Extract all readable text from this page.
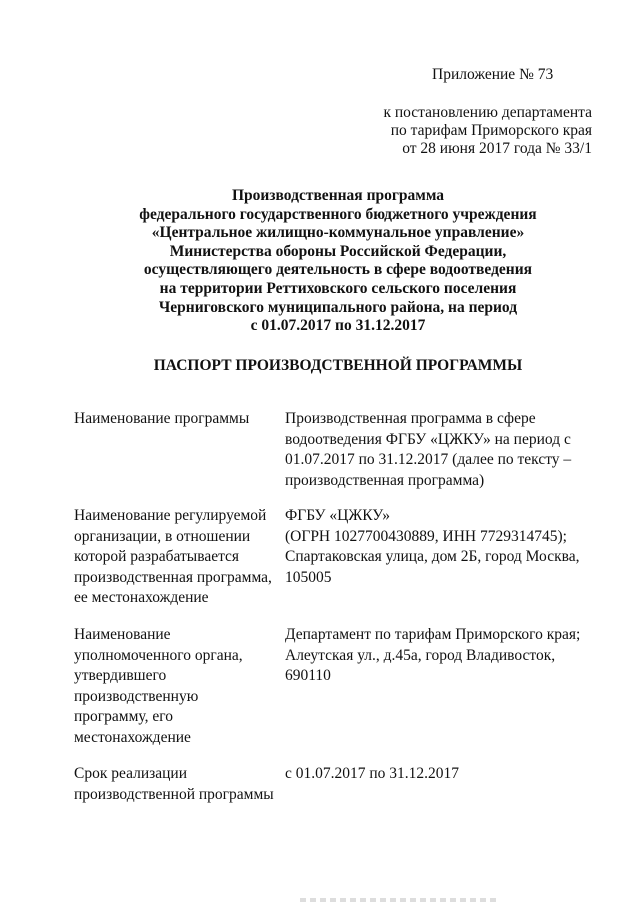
Приложение № 73
к постановлению департамента
по тарифам Приморского края
от 28 июня 2017 года № 33/1
Производственная программа
федерального государственного бюджетного учреждения
«Центральное жилищно-коммунальное управление»
Министерства обороны Российской Федерации,
осуществляющего деятельность в сфере водоотведения
на территории Реттиховского сельского поселения
Черниговского муниципального района, на период
с 01.07.2017 по 31.12.2017
ПАСПОРТ ПРОИЗВОДСТВЕННОЙ ПРОГРАММЫ
Наименование программы	Производственная программа в сфере
водоотведения ФГБУ «ЦЖКУ» на период с
01.07.2017 по 31.12.2017 (далее по тексту –
производственная программа)
Наименование регулируемой
организации, в отношении
которой разрабатывается
производственная программа,
ее местонахождение
ФГБУ «ЦЖКУ»
(ОГРН 1027700430889, ИНН 7729314745);
Спартаковская улица, дом 2Б, город Москва,
105005
Наименование
уполномоченного органа,
утвердившего
производственную
программу, его
местонахождение
Департамент по тарифам Приморского края;
Алеутская ул., д.45а, город Владивосток,
690110
Срок реализации
производственной программы
с 01.07.2017 по 31.12.2017
